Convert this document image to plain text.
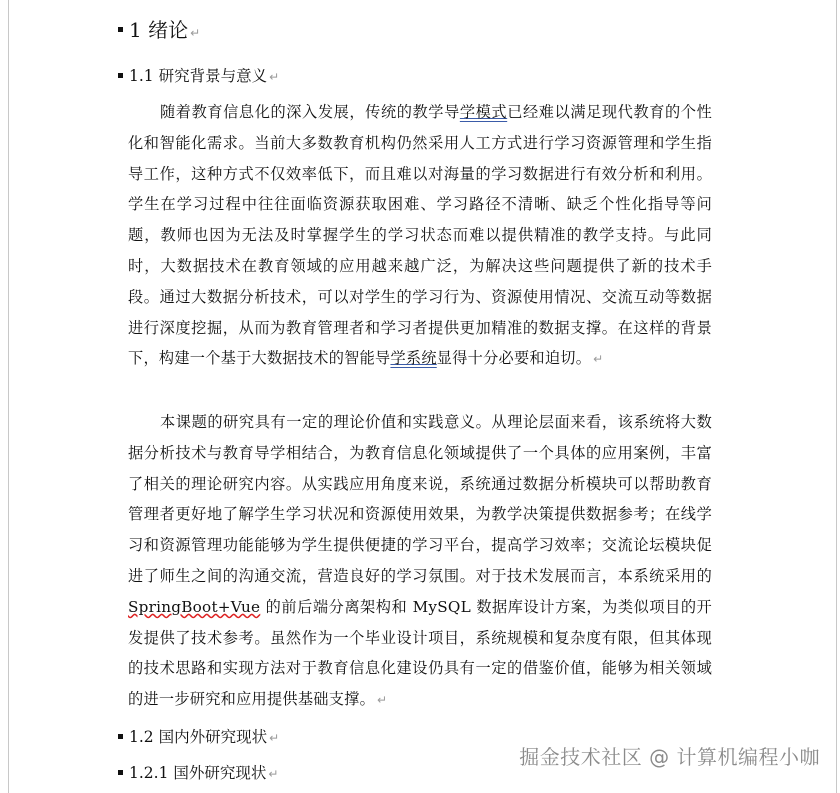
1 绪论 ↵
1.1 研究背景与意义 ↵
随着教育信息化的深入发展，传统的教学导学模式已经难以满足现代教育的个性化和智能化需求。当前大多数教育机构仍然采用人工方式进行学习资源管理和学生指导工作，这种方式不仅效率低下，而且难以对海量的学习数据进行有效分析和利用。学生在学习过程中往往面临资源获取困难、学习路径不清晰、缺乏个性化指导等问题，教师也因为无法及时掌握学生的学习状态而难以提供精准的教学支持。与此同时，大数据技术在教育领域的应用越来越广泛，为解决这些问题提供了新的技术手段。通过大数据分析技术，可以对学生的学习行为、资源使用情况、交流互动等数据进行深度挖掘，从而为教育管理者和学习者提供更加精准的数据支撑。在这样的背景下，构建一个基于大数据技术的智能导学系统显得十分必要和迫切。 ↵
本课题的研究具有一定的理论价值和实践意义。从理论层面来看，该系统将大数据分析技术与教育导学相结合，为教育信息化领域提供了一个具体的应用案例，丰富了相关的理论研究内容。从实践应用角度来说，系统通过数据分析模块可以帮助教育管理者更好地了解学生学习状况和资源使用效果，为教学决策提供数据参考；在线学习和资源管理功能能够为学生提供便捷的学习平台，提高学习效率；交流论坛模块促进了师生之间的沟通交流，营造良好的学习氛围。对于技术发展而言，本系统采用的 SpringBoot+Vue 的前后端分离架构和 MySQL 数据库设计方案，为类似项目的开发提供了技术参考。虽然作为一个毕业设计项目，系统规模和复杂度有限，但其体现的技术思路和实现方法对于教育信息化建设仍具有一定的借鉴价值，能够为相关领域的进一步研究和应用提供基础支撑。 ↵
1.2 国内外研究现状 ↵
1.2.1 国外研究现状 ↵
掘金技术社区 @ 计算机编程小咖
